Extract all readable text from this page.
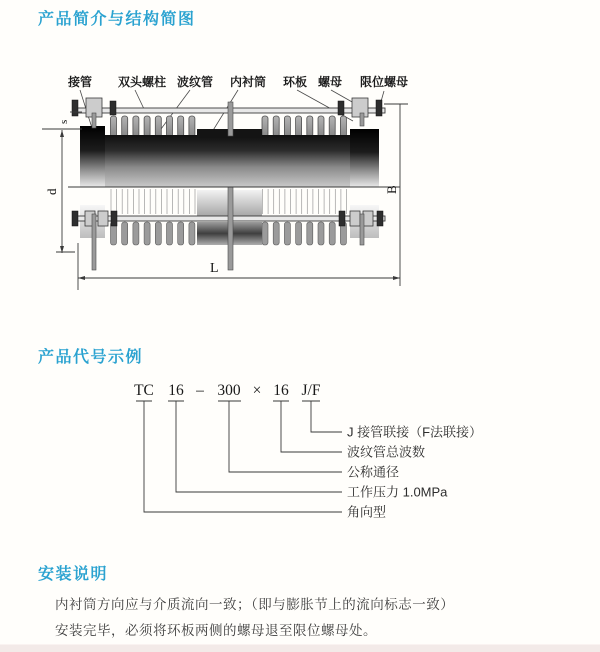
产品简介与结构简图
接管 双头螺柱 波纹管 内衬筒 环板 螺母 限位螺母
s
d	B
L
产品代号示例
TC 16 – 300 × 16 J/F
J 接管联接（F法联接）
波纹管总波数
公称通径
工作压力 1.0MPa
角向型
安装说明
内衬筒方向应与介质流向一致；（即与膨胀节上的流向标志一致）
安装完毕，必须将环板两侧的螺母退至限位螺母处。
